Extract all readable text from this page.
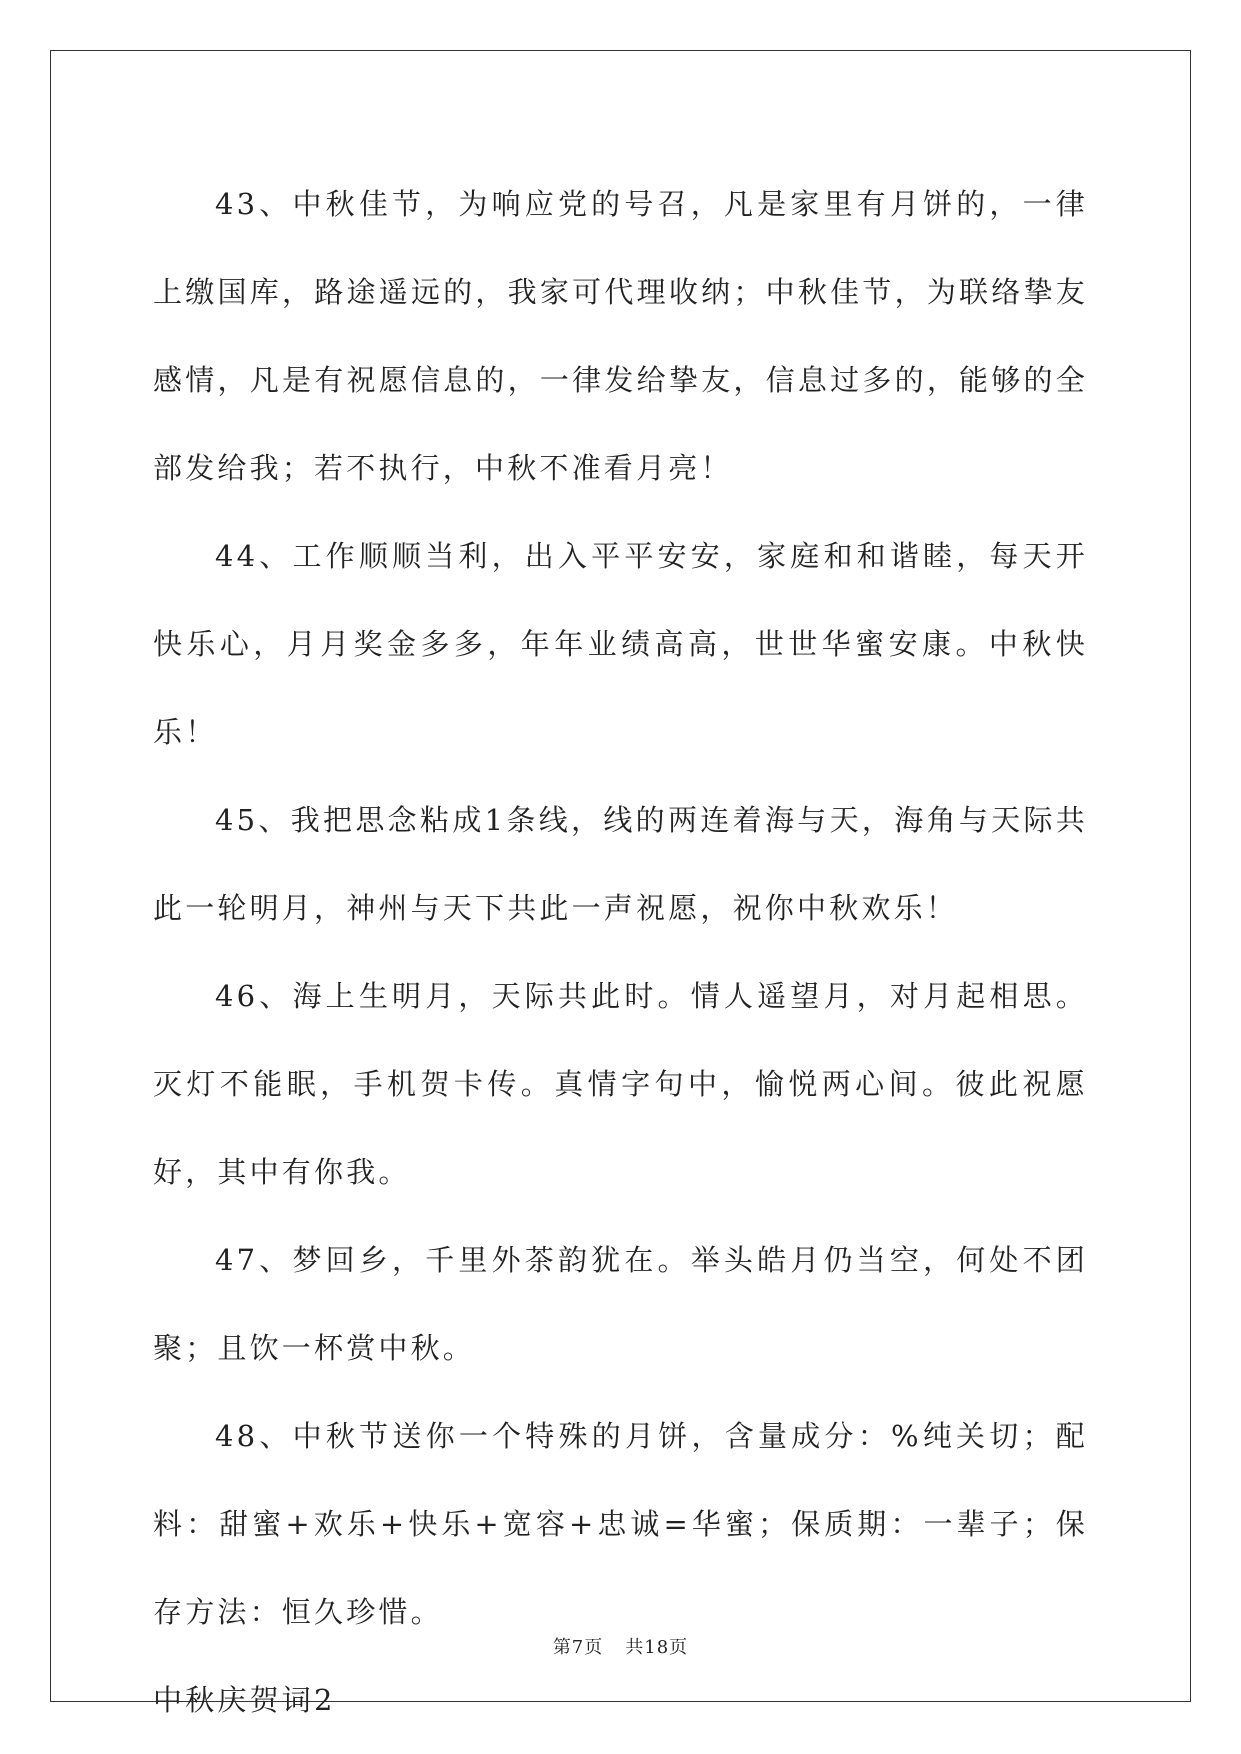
43、中秋佳节，为响应党的号召，凡是家里有月饼的，一律上缴国库，路途遥远的，我家可代理收纳；中秋佳节，为联络挚友感情，凡是有祝愿信息的，一律发给挚友，信息过多的，能够的全部发给我；若不执行，中秋不准看月亮！

44、工作顺顺当利，出入平平安安，家庭和和谐睦，每天开快乐心，月月奖金多多，年年业绩高高，世世华蜜安康。中秋快乐！

45、我把思念粘成1条线，线的两连着海与天，海角与天际共此一轮明月，神州与天下共此一声祝愿，祝你中秋欢乐！

46、海上生明月，天际共此时。情人遥望月，对月起相思。灭灯不能眠，手机贺卡传。真情字句中，愉悦两心间。彼此祝愿好，其中有你我。

47、梦回乡，千里外茶韵犹在。举头皓月仍当空，何处不团聚；且饮一杯赏中秋。

48、中秋节送你一个特殊的月饼，含量成分：%纯关切；配料：甜蜜+欢乐+快乐+宽容+忠诚=华蜜；保质期：一辈子；保存方法：恒久珍惜。

中秋庆贺词2

第7页 共18页
